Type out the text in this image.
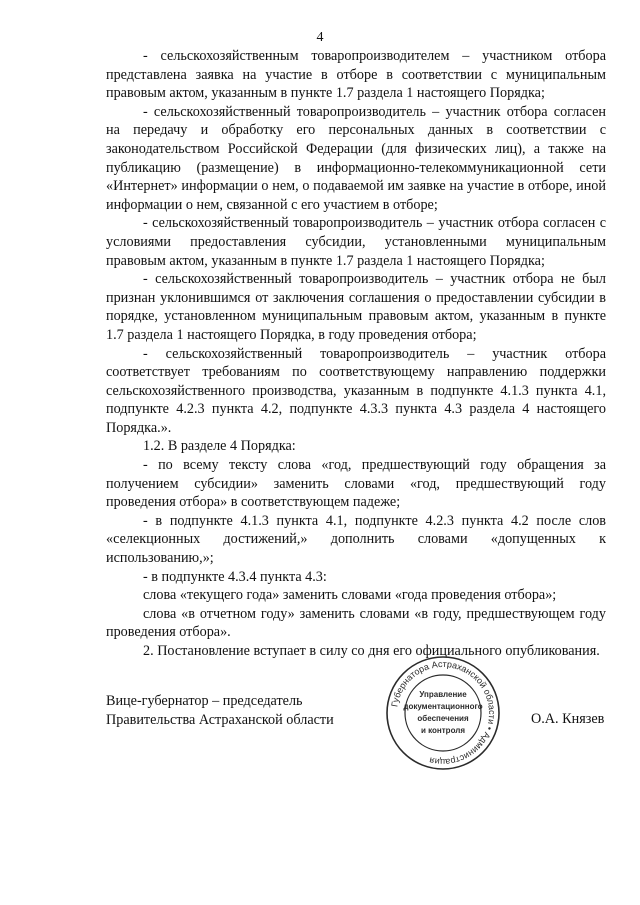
4

- сельскохозяйственным товаропроизводителем – участником отбора представлена заявка на участие в отборе в соответствии с муниципальным правовым актом, указанным в пункте 1.7 раздела 1 настоящего Порядка;

- сельскохозяйственный товаропроизводитель – участник отбора согласен на передачу и обработку его персональных данных в соответствии с законодательством Российской Федерации (для физических лиц), а также на публикацию (размещение) в информационно-телекоммуникационной сети «Интернет» информации о нем, о подаваемой им заявке на участие в отборе, иной информации о нем, связанной с его участием в отборе;

- сельскохозяйственный товаропроизводитель – участник отбора согласен с условиями предоставления субсидии, установленными муниципальным правовым актом, указанным в пункте 1.7 раздела 1 настоящего Порядка;

- сельскохозяйственный товаропроизводитель – участник отбора не был признан уклонившимся от заключения соглашения о предоставлении субсидии в порядке, установленном муниципальным правовым актом, указанным в пункте 1.7 раздела 1 настоящего Порядка, в году проведения отбора;

- сельскохозяйственный товаропроизводитель – участник отбора соответствует требованиям по соответствующему направлению поддержки сельскохозяйственного производства, указанным в подпункте 4.1.3 пункта 4.1, подпункте 4.2.3 пункта 4.2, подпункте 4.3.3 пункта 4.3 раздела 4 настоящего Порядка.».

1.2. В разделе 4 Порядка:

- по всему тексту слова «год, предшествующий году обращения за получением субсидии» заменить словами «год, предшествующий году проведения отбора» в соответствующем падеже;

- в подпункте 4.1.3 пункта 4.1, подпункте 4.2.3 пункта 4.2 после слов «селекционных достижений,» дополнить словами «допущенных к использованию,»;

- в подпункте 4.3.4 пункта 4.3:

слова «текущего года» заменить словами «года проведения отбора»;

слова «в отчетном году» заменить словами «в году, предшествующем году проведения отбора».

2. Постановление вступает в силу со дня его официального опубликования.

Вице-губернатор – председатель
Правительства Астраханской области
Губернатора Астраханской области • Администрация
Управление
документационного
обеспечения
и контроля
О.А. Князев
